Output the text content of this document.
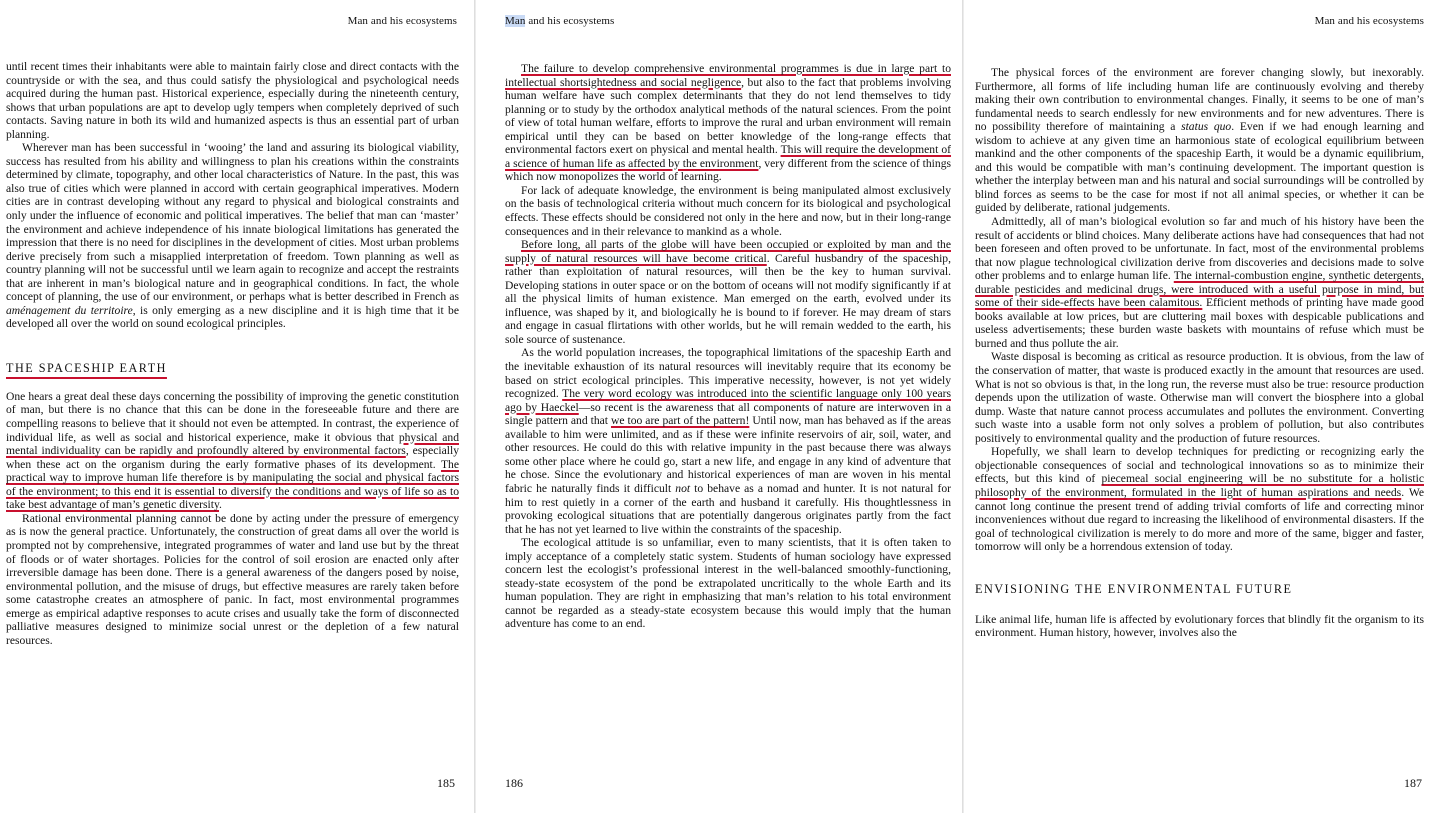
Man and his ecosystems

until recent times their inhabitants were able to maintain fairly close and direct contacts with the countryside or with the sea, and thus could satisfy the physiological and psychological needs acquired during the human past. Historical experience, especially during the nineteenth century, shows that urban populations are apt to develop ugly tempers when completely deprived of such contacts. Saving nature in both its wild and humanized aspects is thus an essential part of urban planning.

Wherever man has been successful in ‘wooing’ the land and assuring its biological viability, success has resulted from his ability and willingness to plan his creations within the constraints determined by climate, topography, and other local characteristics of Nature. In the past, this was also true of cities which were planned in accord with certain geographical imperatives. Modern cities are in contrast developing without any regard to physical and biological constraints and only under the influence of economic and political imperatives. The belief that man can ‘master’ the environment and achieve independence of his innate biological limitations has generated the impression that there is no need for disciplines in the development of cities. Most urban problems derive precisely from such a misapplied interpretation of freedom. Town planning as well as country planning will not be successful until we learn again to recognize and accept the restraints that are inherent in man’s biological nature and in geographical conditions. In fact, the whole concept of planning, the use of our environment, or perhaps what is better described in French as aménagement du territoire, is only emerging as a new discipline and it is high time that it be developed all over the world on sound ecological principles.

THE SPACESHIP EARTH

One hears a great deal these days concerning the possibility of improving the genetic constitution of man, but there is no chance that this can be done in the foreseeable future and there are compelling reasons to believe that it should not even be attempted. In contrast, the experience of individual life, as well as social and historical experience, make it obvious that physical and mental individuality can be rapidly and profoundly altered by environmental factors, especially when these act on the organism during the early formative phases of its development. The practical way to improve human life therefore is by manipulating the social and physical factors of the environment; to this end it is essential to diversify the conditions and ways of life so as to take best advantage of man’s genetic diversity.

Rational environmental planning cannot be done by acting under the pressure of emergency as is now the general practice. Unfortunately, the construction of great dams all over the world is prompted not by comprehensive, integrated programmes of water and land use but by the threat of floods or of water shortages. Policies for the control of soil erosion are enacted only after irreversible damage has been done. There is a general awareness of the dangers posed by noise, environmental pollution, and the misuse of drugs, but effective measures are rarely taken before some catastrophe creates an atmosphere of panic. In fact, most environmental programmes emerge as empirical adaptive responses to acute crises and usually take the form of disconnected palliative measures designed to minimize social unrest or the depletion of a few natural resources.

185
Man and his ecosystems

The failure to develop comprehensive environmental programmes is due in large part to intellectual shortsightedness and social negligence, but also to the fact that problems involving human welfare have such complex determinants that they do not lend themselves to tidy planning or to study by the orthodox analytical methods of the natural sciences. From the point of view of total human welfare, efforts to improve the rural and urban environment will remain empirical until they can be based on better knowledge of the long-range effects that environmental factors exert on physical and mental health. This will require the development of a science of human life as affected by the environment, very different from the science of things which now monopolizes the world of learning.

For lack of adequate knowledge, the environment is being manipulated almost exclusively on the basis of technological criteria without much concern for its biological and psychological effects. These effects should be considered not only in the here and now, but in their long-range consequences and in their relevance to mankind as a whole.

Before long, all parts of the globe will have been occupied or exploited by man and the supply of natural resources will have become critical. Careful husbandry of the spaceship, rather than exploitation of natural resources, will then be the key to human survival. Developing stations in outer space or on the bottom of oceans will not modify significantly if at all the physical limits of human existence. Man emerged on the earth, evolved under its influence, was shaped by it, and biologically he is bound to if forever. He may dream of stars and engage in casual flirtations with other worlds, but he will remain wedded to the earth, his sole source of sustenance.

As the world population increases, the topographical limitations of the spaceship Earth and the inevitable exhaustion of its natural resources will inevitably require that its economy be based on strict ecological principles. This imperative necessity, however, is not yet widely recognized. The very word ecology was introduced into the scientific language only 100 years ago by Haeckel—so recent is the awareness that all components of nature are interwoven in a single pattern and that we too are part of the pattern! Until now, man has behaved as if the areas available to him were unlimited, and as if these were infinite reservoirs of air, soil, water, and other resources. He could do this with relative impunity in the past because there was always some other place where he could go, start a new life, and engage in any kind of adventure that he chose. Since the evolutionary and historical experiences of man are woven in his mental fabric he naturally finds it difficult not to behave as a nomad and hunter. It is not natural for him to rest quietly in a corner of the earth and husband it carefully. His thoughtlessness in provoking ecological situations that are potentially dangerous originates partly from the fact that he has not yet learned to live within the constraints of the spaceship.

The ecological attitude is so unfamiliar, even to many scientists, that it is often taken to imply acceptance of a completely static system. Students of human sociology have expressed concern lest the ecologist’s professional interest in the well-balanced smoothly-functioning, steady-state ecosystem of the pond be extrapolated uncritically to the whole Earth and its human population. They are right in emphasizing that man’s relation to his total environment cannot be regarded as a steady-state ecosystem because this would imply that the human adventure has come to an end.

186
Man and his ecosystems

The physical forces of the environment are forever changing slowly, but inexorably. Furthermore, all forms of life including human life are continuously evolving and thereby making their own contribution to environmental changes. Finally, it seems to be one of man’s fundamental needs to search endlessly for new environments and for new adventures. There is no possibility therefore of maintaining a status quo. Even if we had enough learning and wisdom to achieve at any given time an harmonious state of ecological equilibrium between mankind and the other components of the spaceship Earth, it would be a dynamic equilibrium, and this would be compatible with man’s continuing development. The important question is whether the interplay between man and his natural and social surroundings will be controlled by blind forces as seems to be the case for most if not all animal species, or whether it can be guided by deliberate, rational judgements.

Admittedly, all of man’s biological evolution so far and much of his history have been the result of accidents or blind choices. Many deliberate actions have had consequences that had not been foreseen and often proved to be unfortunate. In fact, most of the environmental problems that now plague technological civilization derive from discoveries and decisions made to solve other problems and to enlarge human life. The internal-combustion engine, synthetic detergents, durable pesticides and medicinal drugs, were introduced with a useful purpose in mind, but some of their side-effects have been calamitous. Efficient methods of printing have made good books available at low prices, but are cluttering mail boxes with despicable publications and useless advertisements; these burden waste baskets with mountains of refuse which must be burned and thus pollute the air.

Waste disposal is becoming as critical as resource production. It is obvious, from the law of the conservation of matter, that waste is produced exactly in the amount that resources are used. What is not so obvious is that, in the long run, the reverse must also be true: resource production depends upon the utilization of waste. Otherwise man will convert the biosphere into a global dump. Waste that nature cannot process accumulates and pollutes the environment. Converting such waste into a usable form not only solves a problem of pollution, but also contributes positively to environmental quality and the production of future resources.

Hopefully, we shall learn to develop techniques for predicting or recognizing early the objectionable consequences of social and technological innovations so as to minimize their effects, but this kind of piecemeal social engineering will be no substitute for a holistic philosophy of the environment, formulated in the light of human aspirations and needs. We cannot long continue the present trend of adding trivial comforts of life and correcting minor inconveniences without due regard to increasing the likelihood of environmental disasters. If the goal of technological civilization is merely to do more and more of the same, bigger and faster, tomorrow will only be a horrendous extension of today.

ENVISIONING THE ENVIRONMENTAL FUTURE

Like animal life, human life is affected by evolutionary forces that blindly fit the organism to its environment. Human history, however, involves also the

187
